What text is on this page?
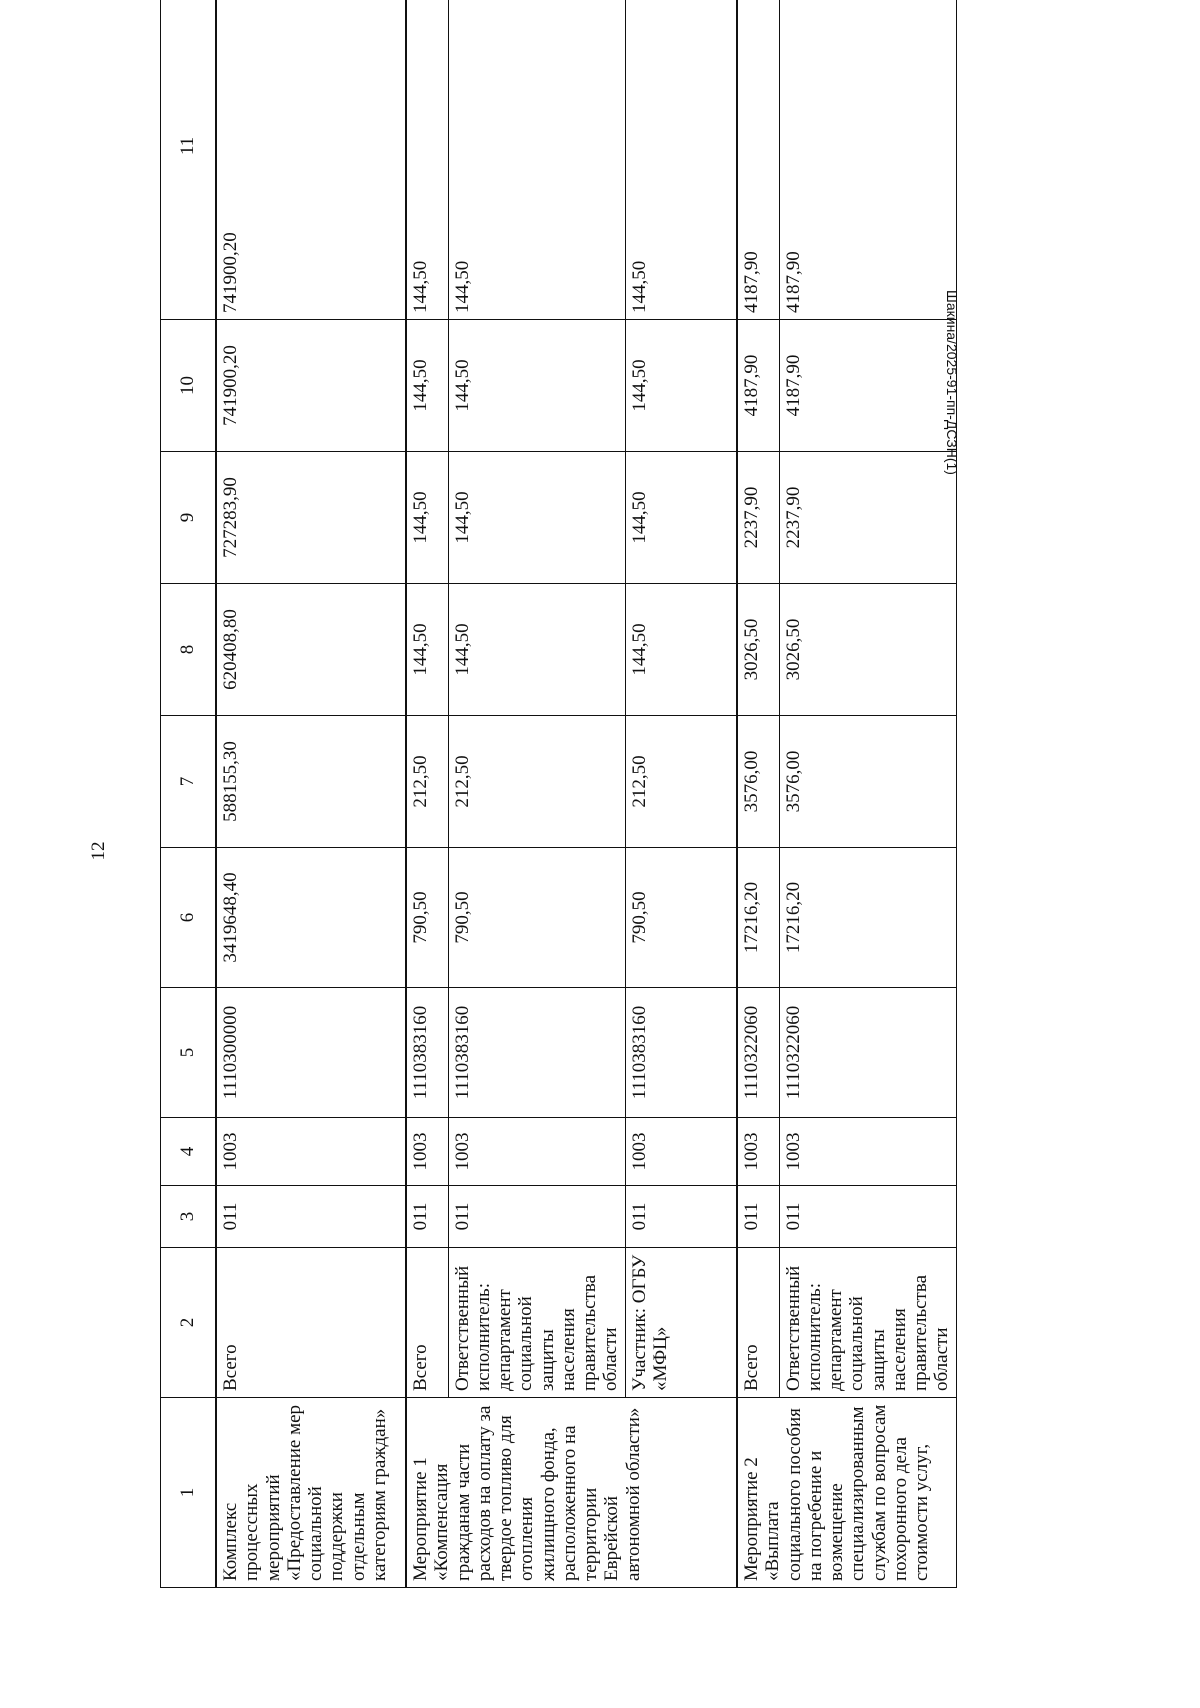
12
Шакина/2025-91-пп-ДСЗН(1)
1	2	3	4	5	6	7	8	9	10	11
Комплекс процессных мероприятий «Предоставление мер социальной поддержки отдельным категориям граждан»	Всего	011	1003	1110300000	3419648,40	588155,30	620408,80	727283,90	741900,20	741900,20
Мероприятие 1 «Компенсация гражданам части расходов на оплату за твердое топливо для отопления жилищного фонда, расположенного на территории Еврейской автономной области»	Всего	011	1003	1110383160	790,50	212,50	144,50	144,50	144,50	144,50
	Ответственный исполнитель: департамент социальной защиты населения правительства области	011	1003	1110383160	790,50	212,50	144,50	144,50	144,50	144,50
	Участник: ОГБУ «МФЦ»	011	1003	1110383160	790,50	212,50	144,50	144,50	144,50	144,50
Мероприятие 2 «Выплата социального пособия на погребение и возмещение специализированным службам по вопросам похоронного дела стоимости услуг,	Всего	011	1003	1110322060	17216,20	3576,00	3026,50	2237,90	4187,90	4187,90
	Ответственный исполнитель: департамент социальной защиты населения правительства области	011	1003	1110322060	17216,20	3576,00	3026,50	2237,90	4187,90	4187,90
